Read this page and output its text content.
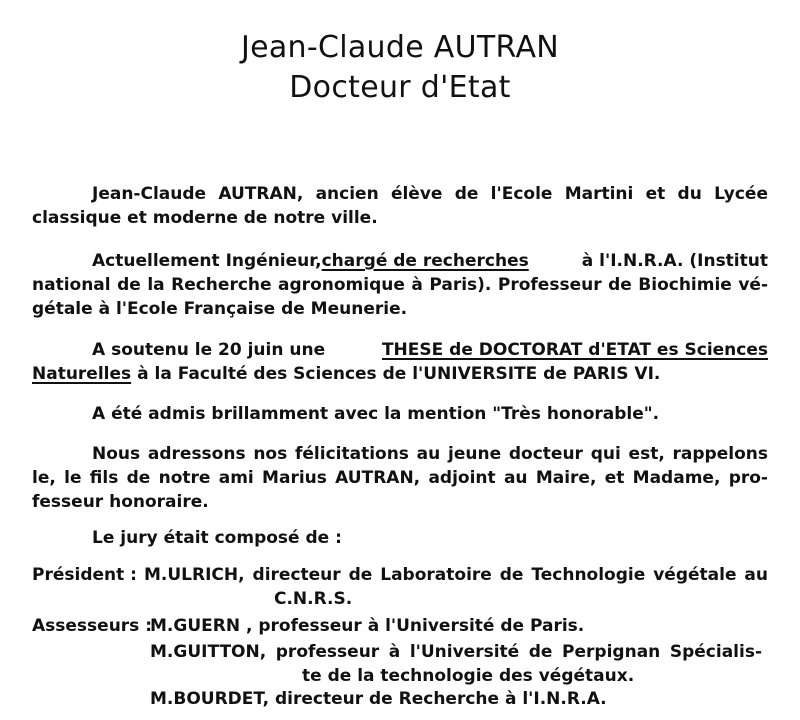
Jean-Claude AUTRAN
Docteur d'Etat
Jean-Claude AUTRAN, ancien élève de l'Ecole Martini et du Lycée
classique et moderne de notre ville.
Actuellement Ingénieur,chargé de recherches	à l'I.N.R.A. (Institut
national de la Recherche agronomique à Paris). Professeur de Biochimie vé-
gétale à l'Ecole Française de Meunerie.
A soutenu le 20 juin une	THESE de DOCTORAT d'ETAT es Sciences
Naturelles à la Faculté des Sciences de l'UNIVERSITE de PARIS VI.
A été admis brillamment avec la mention "Très honorable".
Nous adressons nos félicitations au jeune docteur qui est, rappelons
le, le fils de notre ami Marius AUTRAN, adjoint au Maire, et Madame, pro-
fesseur honoraire.
Le jury était composé de :
Président : M.ULRICH, directeur de Laboratoire de Technologie végétale au
C.N.R.S.
Assesseurs :
M.GUERN , professeur à l'Université de Paris.
M.GUITTON, professeur à l'Université de Perpignan Spécialis-
te de la technologie des végétaux.
M.BOURDET, directeur de Recherche à l'I.N.R.A.
